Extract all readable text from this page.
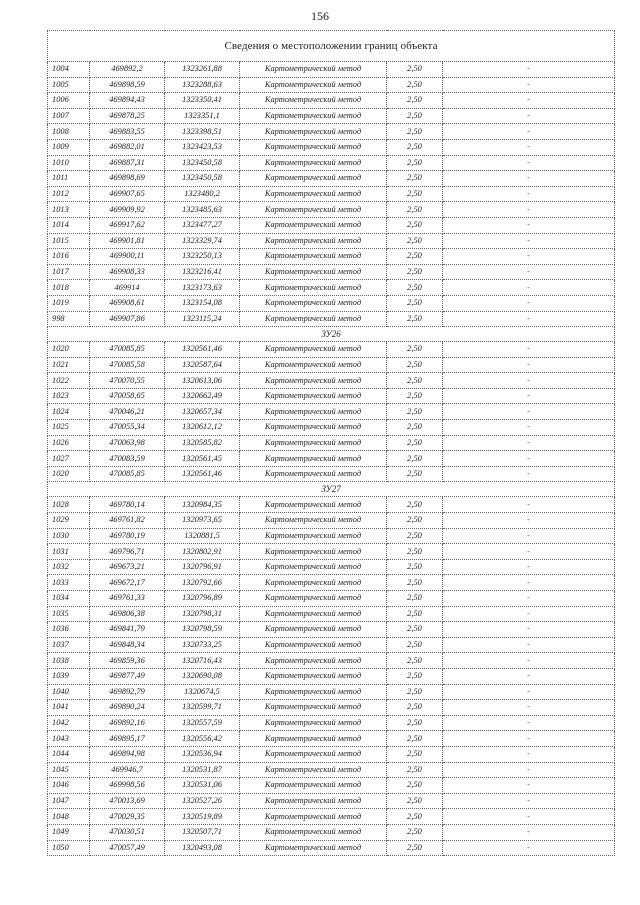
156
Сведения о местоположении границ объекта					
1004	469892,2	1323261,88	Картометрический метод	2,50	-
1005	469898,59	1323288,63	Картометрический метод	2,50	-
1006	469894,43	1323350,41	Картометрический метод	2,50	-
1007	469878,25	1323351,1	Картометрический метод	2,50	-
1008	469883,55	1323398,51	Картометрический метод	2,50	-
1009	469882,01	1323423,53	Картометрический метод	2,50	-
1010	469887,31	1323450,58	Картометрический метод	2,50	-
1011	469898,69	1323450,58	Картометрический метод	2,50	-
1012	469907,65	1323480,2	Картометрический метод	2,50	-
1013	469909,92	1323485,63	Картометрический метод	2,50	-
1014	469917,62	1323477,27	Картометрический метод	2,50	-
1015	469901,81	1323329,74	Картометрический метод	2,50	-
1016	469900,11	1323250,13	Картометрический метод	2,50	-
1017	469908,33	1323216,41	Картометрический метод	2,50	-
1018	469914	1323173,63	Картометрический метод	2,50	-
1019	469908,61	1323154,08	Картометрический метод	2,50	-
998	469907,86	1323115,24	Картометрический метод	2,50	-
ЗУ26					
1020	470085,85	1320561,46	Картометрический метод	2,50	-
1021	470085,58	1320587,64	Картометрический метод	2,50	-
1022	470070,55	1320613,06	Картометрический метод	2,50	-
1023	470058,65	1320662,49	Картометрический метод	2,50	-
1024	470046,21	1320657,34	Картометрический метод	2,50	-
1025	470055,34	1320612,12	Картометрический метод	2,50	-
1026	470063,98	1320585,82	Картометрический метод	2,50	-
1027	470083,59	1320561,45	Картометрический метод	2,50	-
1020	470085,85	1320561,46	Картометрический метод	2,50	-
ЗУ27					
1028	469780,14	1320984,35	Картометрический метод	2,50	-
1029	469761,82	1320973,65	Картометрический метод	2,50	-
1030	469780,19	1320881,5	Картометрический метод	2,50	-
1031	469796,71	1320802,91	Картометрический метод	2,50	-
1032	469673,21	1320796,91	Картометрический метод	2,50	-
1033	469672,17	1320792,66	Картометрический метод	2,50	-
1034	469761,33	1320796,89	Картометрический метод	2,50	-
1035	469806,38	1320798,31	Картометрический метод	2,50	-
1036	469841,79	1320798,59	Картометрический метод	2,50	-
1037	469848,34	1320733,25	Картометрический метод	2,50	-
1038	469859,36	1320716,43	Картометрический метод	2,50	-
1039	469877,49	1320690,08	Картометрический метод	2,50	-
1040	469892,79	1320674,5	Картометрический метод	2,50	-
1041	469890,24	1320599,71	Картометрический метод	2,50	-
1042	469892,16	1320557,59	Картометрический метод	2,50	-
1043	469895,17	1320556,42	Картометрический метод	2,50	-
1044	469894,98	1320536,94	Картометрический метод	2,50	-
1045	469946,7	1320531,87	Картометрический метод	2,50	-
1046	469998,56	1320531,06	Картометрический метод	2,50	-
1047	470013,69	1320527,26	Картометрический метод	2,50	-
1048	470029,35	1320519,89	Картометрический метод	2,50	-
1049	470030,51	1320507,71	Картометрический метод	2,50	-
1050	470057,49	1320493,08	Картометрический метод	2,50	-
